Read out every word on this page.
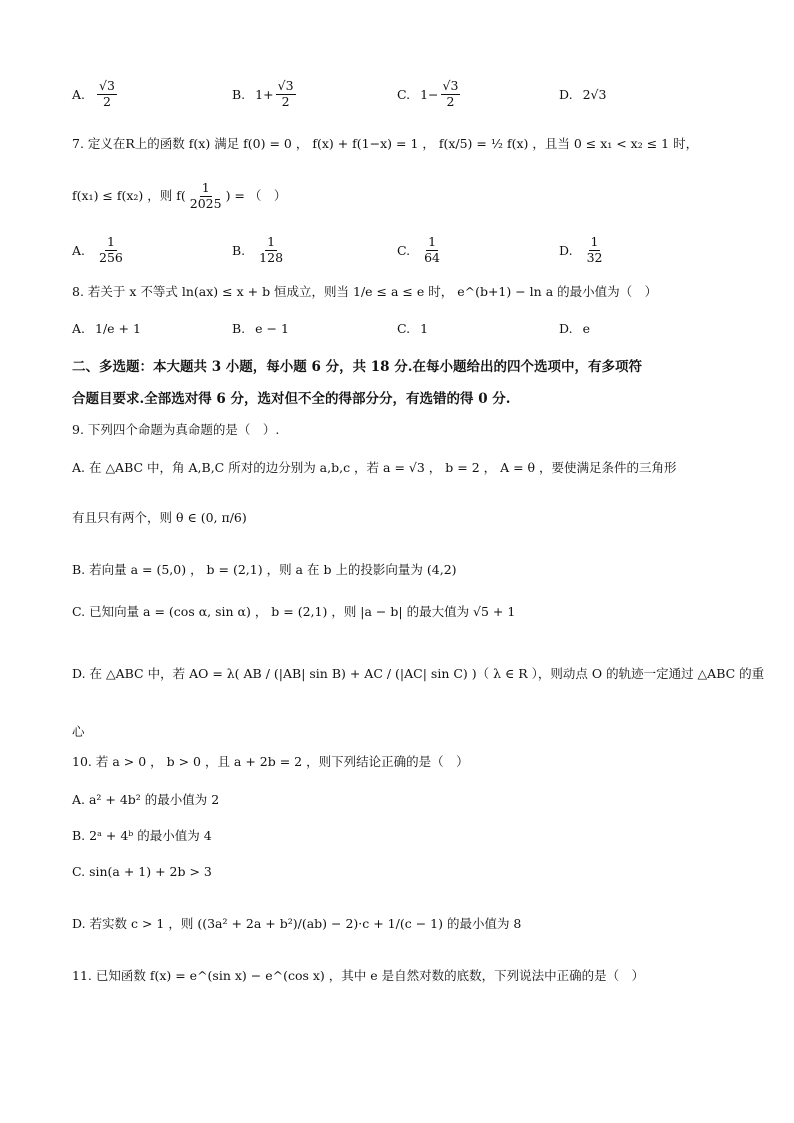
A. $\frac{√3}{2}$	B. $1+ \frac{√3}{2}$	C. $1- \frac{√3}{2}$	D. 2√3
7. 定义在R上的函数 f(x) 满足 f(0) = 0 ， f(x) + f(1−x) = 1 ， f(x/5) = ½ f(x) ，且当 0 ≤ x₁ < x₂ ≤ 1 时，
f(x₁) ≤ f(x₂) ，则 $f( \frac{1}{2025}$ ) = （　）
A. $\frac{1}{256}$	B. $\frac{1}{128}$	C. $\frac{1}{64}$	D. $\frac{1}{32}$
8. 若关于 x 不等式 ln(ax) ≤ x + b 恒成立，则当 1/e ≤ a ≤ e 时， e^(b+1) − ln a 的最小值为（　）
A. 1/e + 1	B. e − 1	C. 1	D. e
二、多选题：本大题共 3 小题，每小题 6 分，共 18 分.在每小题给出的四个选项中，有多项符
合题目要求.全部选对得 6 分，选对但不全的得部分分，有选错的得 0 分.
9. 下列四个命题为真命题的是（　）.
A. 在 △ABC 中，角 A,B,C 所对的边分别为 a,b,c ，若 a = √3 ， b = 2 ， A = θ ，要使满足条件的三角形
有且只有两个，则 θ ∈ (0, π/6)
B. 若向量 a = (5,0) ， b = (2,1) ，则 a 在 b 上的投影向量为 (4,2)
C. 已知向量 a = (cos α, sin α) ， b = (2,1) ，则 |a − b| 的最大值为 √5 + 1
D. 在 △ABC 中，若 AO = λ( AB / (|AB| sin B) + AC / (|AC| sin C) )（ λ ∈ R ），则动点 O 的轨迹一定通过 △ABC 的重
心
10. 若 a > 0 ， b > 0 ，且 a + 2b = 2 ，则下列结论正确的是（　）
A. a² + 4b² 的最小值为 2
B. 2ᵃ + 4ᵇ 的最小值为 4
C. sin(a + 1) + 2b > 3
D. 若实数 c > 1 ，则 ((3a² + 2a + b²)/(ab) − 2)·c + 1/(c − 1) 的最小值为 8
11. 已知函数 f(x) = e^(sin x) − e^(cos x) ，其中 e 是自然对数的底数，下列说法中正确的是（　）
